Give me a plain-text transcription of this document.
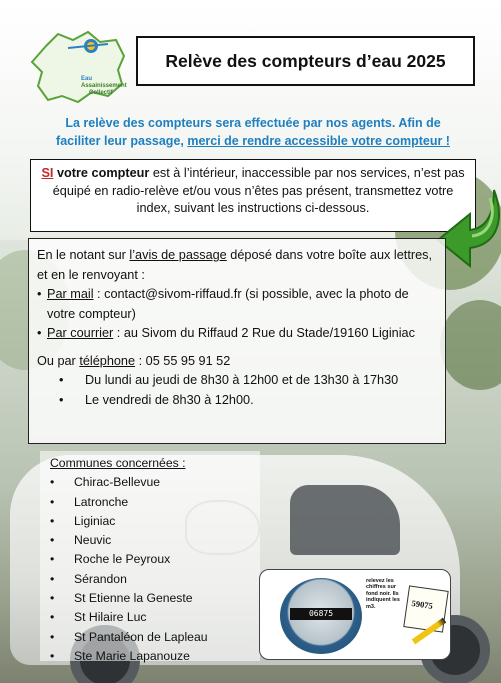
Eau
Assainissement
Collectif
Relève des compteurs d’eau 2025
La relève des compteurs sera effectuée par nos agents. Afin de faciliter leur passage, merci de rendre accessible votre compteur !
SI votre compteur est à l’intérieur, inaccessible par nos services, n’est pas équipé en radio-relève et/ou vous n’êtes pas présent, transmettez votre index, suivant les instructions ci-dessous.
En le notant sur l’avis de passage déposé dans votre boîte aux lettres, et en le renvoyant :
• Par mail : contact@sivom-riffaud.fr (si possible, avec la photo de votre compteur)
• Par courrier : au Sivom du Riffaud 2 Rue du Stade/19160 Liginiac
Ou par téléphone : 05 55 95 91 52
•	Du lundi au jeudi de 8h30 à 12h00 et de 13h30 à 17h30
•	Le vendredi de 8h30 à 12h00.
Communes concernées :
•	Chirac-Bellevue
•	Latronche
•	Liginiac
•	Neuvic
•	Roche le Peyroux
•	Sérandon
•	St Etienne la Geneste
•	St Hilaire Luc
•	St Pantaléon de Lapleau
•	Ste Marie Lapanouze
06875
relevez les chiffres sur fond noir. Ils indiquent les m3.	59075
